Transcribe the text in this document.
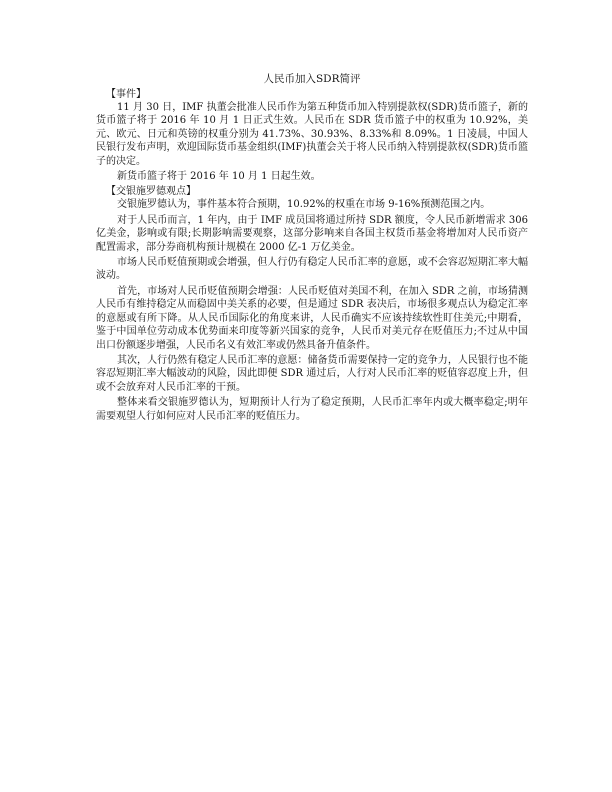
人民币加入SDR简评

【事件】

11 月 30 日，IMF 执董会批准人民币作为第五种货币加入特别提款权(SDR)货币篮子，新的货币篮子将于 2016 年 10 月 1 日正式生效。人民币在 SDR 货币篮子中的权重为 10.92%，美元、欧元、日元和英镑的权重分别为 41.73%、30.93%、8.33%和 8.09%。1 日凌晨，中国人民银行发布声明，欢迎国际货币基金组织(IMF)执董会关于将人民币纳入特别提款权(SDR)货币篮子的决定。

新货币篮子将于 2016 年 10 月 1 日起生效。

【交银施罗德观点】

交银施罗德认为，事件基本符合预期，10.92%的权重在市场 9-16%预测范围之内。

对于人民币而言，1 年内，由于 IMF 成员国将通过所持 SDR 额度，令人民币新增需求 306 亿美金，影响或有限;长期影响需要观察，这部分影响来自各国主权货币基金将增加对人民币资产配置需求，部分券商机构预计规模在 2000 亿-1 万亿美金。

市场人民币贬值预期或会增强，但人行仍有稳定人民币汇率的意愿，或不会容忍短期汇率大幅波动。

首先，市场对人民币贬值预期会增强：人民币贬值对美国不利，在加入 SDR 之前，市场猜测人民币有维持稳定从而稳固中美关系的必要，但是通过 SDR 表决后，市场很多观点认为稳定汇率的意愿或有所下降。从人民币国际化的角度来讲，人民币确实不应该持续软性盯住美元;中期看，鉴于中国单位劳动成本优势面来印度等新兴国家的竞争，人民币对美元存在贬值压力;不过从中国出口份额逐步增强，人民币名义有效汇率或仍然具备升值条件。

其次，人行仍然有稳定人民币汇率的意愿：储备货币需要保持一定的竞争力，人民银行也不能容忍短期汇率大幅波动的风险，因此即便 SDR 通过后，人行对人民币汇率的贬值容忍度上升，但或不会放弃对人民币汇率的干预。

整体来看交银施罗德认为，短期预计人行为了稳定预期，人民币汇率年内或大概率稳定;明年需要观望人行如何应对人民币汇率的贬值压力。
